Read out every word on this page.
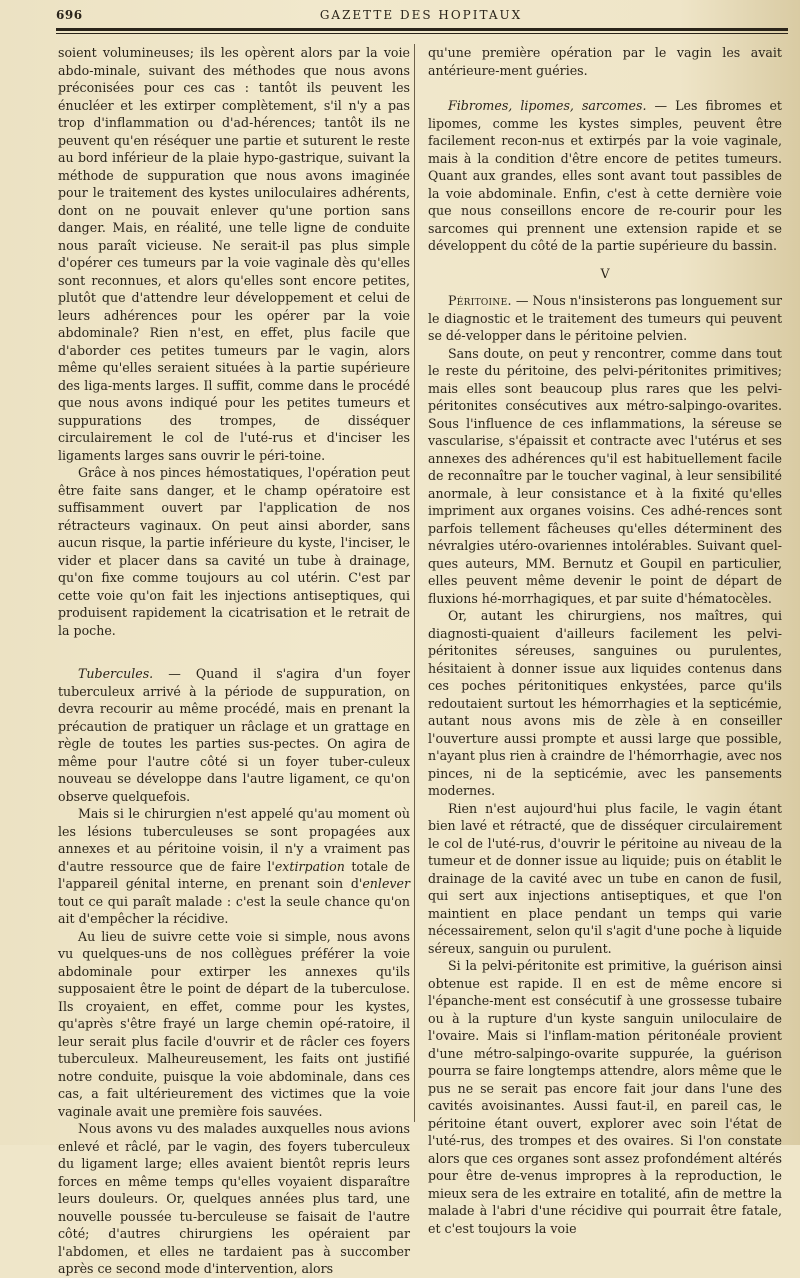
696	GAZETTE DES HOPITAUX

soient volumineuses; ils les opèrent alors par la voie abdo-minale, suivant des méthodes que nous avons préconisées pour ces cas : tantôt ils peuvent les énucléer et les extirper complètement, s'il n'y a pas trop d'inflammation ou d'ad-hérences; tantôt ils ne peuvent qu'en réséquer une partie et suturent le reste au bord inférieur de la plaie hypo-gastrique, suivant la méthode de suppuration que nous avons imaginée pour le traitement des kystes uniloculaires adhérents, dont on ne pouvait enlever qu'une portion sans danger. Mais, en réalité, une telle ligne de conduite nous paraît vicieuse. Ne serait-il pas plus simple d'opérer ces tumeurs par la voie vaginale dès qu'elles sont reconnues, et alors qu'elles sont encore petites, plutôt que d'attendre leur développement et celui de leurs adhérences pour les opérer par la voie abdominale? Rien n'est, en effet, plus facile que d'aborder ces petites tumeurs par le vagin, alors même qu'elles seraient situées à la partie supérieure des liga-ments larges. Il suffit, comme dans le procédé que nous avons indiqué pour les petites tumeurs et suppurations des trompes, de disséquer circulairement le col de l'uté-rus et d'inciser les ligaments larges sans ouvrir le péri-toine.

Grâce à nos pinces hémostatiques, l'opération peut être faite sans danger, et le champ opératoire est suffisamment ouvert par l'application de nos rétracteurs vaginaux. On peut ainsi aborder, sans aucun risque, la partie inférieure du kyste, l'inciser, le vider et placer dans sa cavité un tube à drainage, qu'on fixe comme toujours au col utérin. C'est par cette voie qu'on fait les injections antiseptiques, qui produisent rapidement la cicatrisation et le retrait de la poche.

Tubercules. — Quand il s'agira d'un foyer tuberculeux arrivé à la période de suppuration, on devra recourir au même procédé, mais en prenant la précaution de pratiquer un râclage et un grattage en règle de toutes les parties sus-pectes. On agira de même pour l'autre côté si un foyer tuber-culeux nouveau se développe dans l'autre ligament, ce qu'on observe quelquefois.

Mais si le chirurgien n'est appelé qu'au moment où les lésions tuberculeuses se sont propagées aux annexes et au péritoine voisin, il n'y a vraiment pas d'autre ressource que de faire l'extirpation totale de l'appareil génital interne, en prenant soin d'enlever tout ce qui paraît malade : c'est la seule chance qu'on ait d'empêcher la récidive.

Au lieu de suivre cette voie si simple, nous avons vu quelques-uns de nos collègues préférer la voie abdominale pour extirper les annexes qu'ils supposaient être le point de départ de la tuberculose. Ils croyaient, en effet, comme pour les kystes, qu'après s'être frayé un large chemin opé-ratoire, il leur serait plus facile d'ouvrir et de râcler ces foyers tuberculeux. Malheureusement, les faits ont justifié notre conduite, puisque la voie abdominale, dans ces cas, a fait ultérieurement des victimes que la voie vaginale avait une première fois sauvées.

Nous avons vu des malades auxquelles nous avions enlevé et râclé, par le vagin, des foyers tuberculeux du ligament large; elles avaient bientôt repris leurs forces en même temps qu'elles voyaient disparaître leurs douleurs. Or, quelques années plus tard, une nouvelle poussée tu-berculeuse se faisait de l'autre côté; d'autres chirurgiens les opéraient par l'abdomen, et elles ne tardaient pas à succomber après ce second mode d'intervention, alors

qu'une première opération par le vagin les avait antérieure-ment guéries.

Fibromes, lipomes, sarcomes. — Les fibromes et lipomes, comme les kystes simples, peuvent être facilement recon-nus et extirpés par la voie vaginale, mais à la condition d'être encore de petites tumeurs. Quant aux grandes, elles sont avant tout passibles de la voie abdominale. Enfin, c'est à cette dernière voie que nous conseillons encore de re-courir pour les sarcomes qui prennent une extension rapide et se développent du côté de la partie supérieure du bassin.

V

Péritoine. — Nous n'insisterons pas longuement sur le diagnostic et le traitement des tumeurs qui peuvent se dé-velopper dans le péritoine pelvien.

Sans doute, on peut y rencontrer, comme dans tout le reste du péritoine, des pelvi-péritonites primitives; mais elles sont beaucoup plus rares que les pelvi-péritonites consécutives aux métro-salpingo-ovarites. Sous l'influence de ces inflammations, la séreuse se vascularise, s'épaissit et contracte avec l'utérus et ses annexes des adhérences qu'il est habituellement facile de reconnaître par le toucher vaginal, à leur sensibilité anormale, à leur consistance et à la fixité qu'elles impriment aux organes voisins. Ces adhé-rences sont parfois tellement fâcheuses qu'elles déterminent des névralgies utéro-ovariennes intolérables. Suivant quel-ques auteurs, MM. Bernutz et Goupil en particulier, elles peuvent même devenir le point de départ de fluxions hé-morrhagiques, et par suite d'hématocèles.

Or, autant les chirurgiens, nos maîtres, qui diagnosti-quaient d'ailleurs facilement les pelvi-péritonites séreuses, sanguines ou purulentes, hésitaient à donner issue aux liquides contenus dans ces poches péritonitiques enkystées, parce qu'ils redoutaient surtout les hémorrhagies et la septicémie, autant nous avons mis de zèle à en conseiller l'ouverture aussi prompte et aussi large que possible, n'ayant plus rien à craindre de l'hémorrhagie, avec nos pinces, ni de la septicémie, avec les pansements modernes.

Rien n'est aujourd'hui plus facile, le vagin étant bien lavé et rétracté, que de disséquer circulairement le col de l'uté-rus, d'ouvrir le péritoine au niveau de la tumeur et de donner issue au liquide; puis on établit le drainage de la cavité avec un tube en canon de fusil, qui sert aux injections antiseptiques, et que l'on maintient en place pendant un temps qui varie nécessairement, selon qu'il s'agit d'une poche à liquide séreux, sanguin ou purulent.

Si la pelvi-péritonite est primitive, la guérison ainsi obtenue est rapide. Il en est de même encore si l'épanche-ment est consécutif à une grossesse tubaire ou à la rupture d'un kyste sanguin uniloculaire de l'ovaire. Mais si l'inflam-mation péritonéale provient d'une métro-salpingo-ovarite suppurée, la guérison pourra se faire longtemps attendre, alors même que le pus ne se serait pas encore fait jour dans l'une des cavités avoisinantes. Aussi faut-il, en pareil cas, le péritoine étant ouvert, explorer avec soin l'état de l'uté-rus, des trompes et des ovaires. Si l'on constate alors que ces organes sont assez profondément altérés pour être de-venus impropres à la reproduction, le mieux sera de les extraire en totalité, afin de mettre la malade à l'abri d'une récidive qui pourrait être fatale, et c'est toujours la voie
